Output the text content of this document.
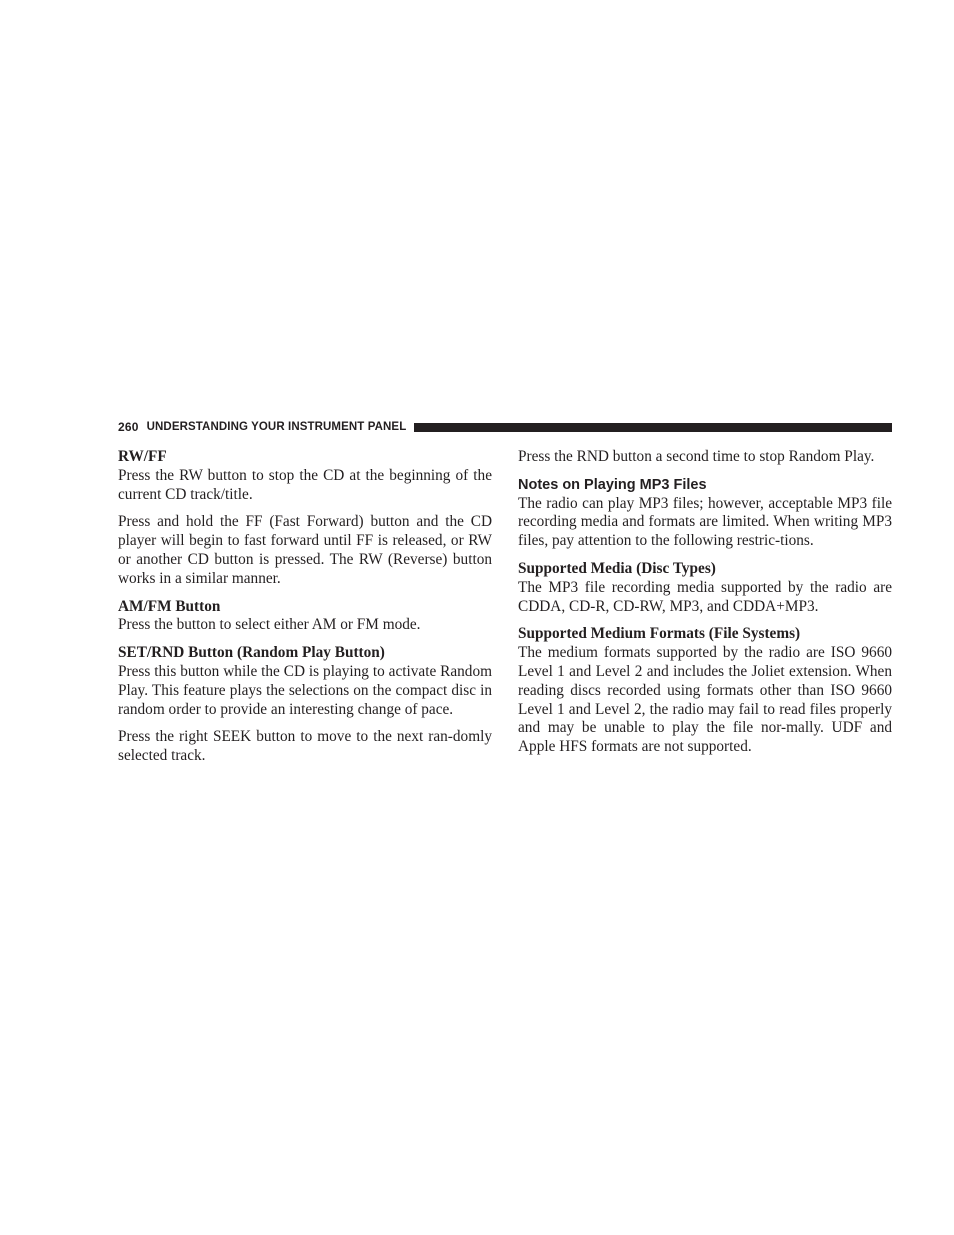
260 UNDERSTANDING YOUR INSTRUMENT PANEL
RW/FF

Press the RW button to stop the CD at the beginning of the current CD track/title.

Press and hold the FF (Fast Forward) button and the CD player will begin to fast forward until FF is released, or RW or another CD button is pressed. The RW (Reverse) button works in a similar manner.

AM/FM Button

Press the button to select either AM or FM mode.

SET/RND Button (Random Play Button)

Press this button while the CD is playing to activate Random Play. This feature plays the selections on the compact disc in random order to provide an interesting change of pace.

Press the right SEEK button to move to the next ran-domly selected track.

Press the RND button a second time to stop Random Play.

Notes on Playing MP3 Files

The radio can play MP3 files; however, acceptable MP3 file recording media and formats are limited. When writing MP3 files, pay attention to the following restric-tions.

Supported Media (Disc Types)

The MP3 file recording media supported by the radio are CDDA, CD-R, CD-RW, MP3, and CDDA+MP3.

Supported Medium Formats (File Systems)

The medium formats supported by the radio are ISO 9660 Level 1 and Level 2 and includes the Joliet extension. When reading discs recorded using formats other than ISO 9660 Level 1 and Level 2, the radio may fail to read files properly and may be unable to play the file nor-mally. UDF and Apple HFS formats are not supported.
